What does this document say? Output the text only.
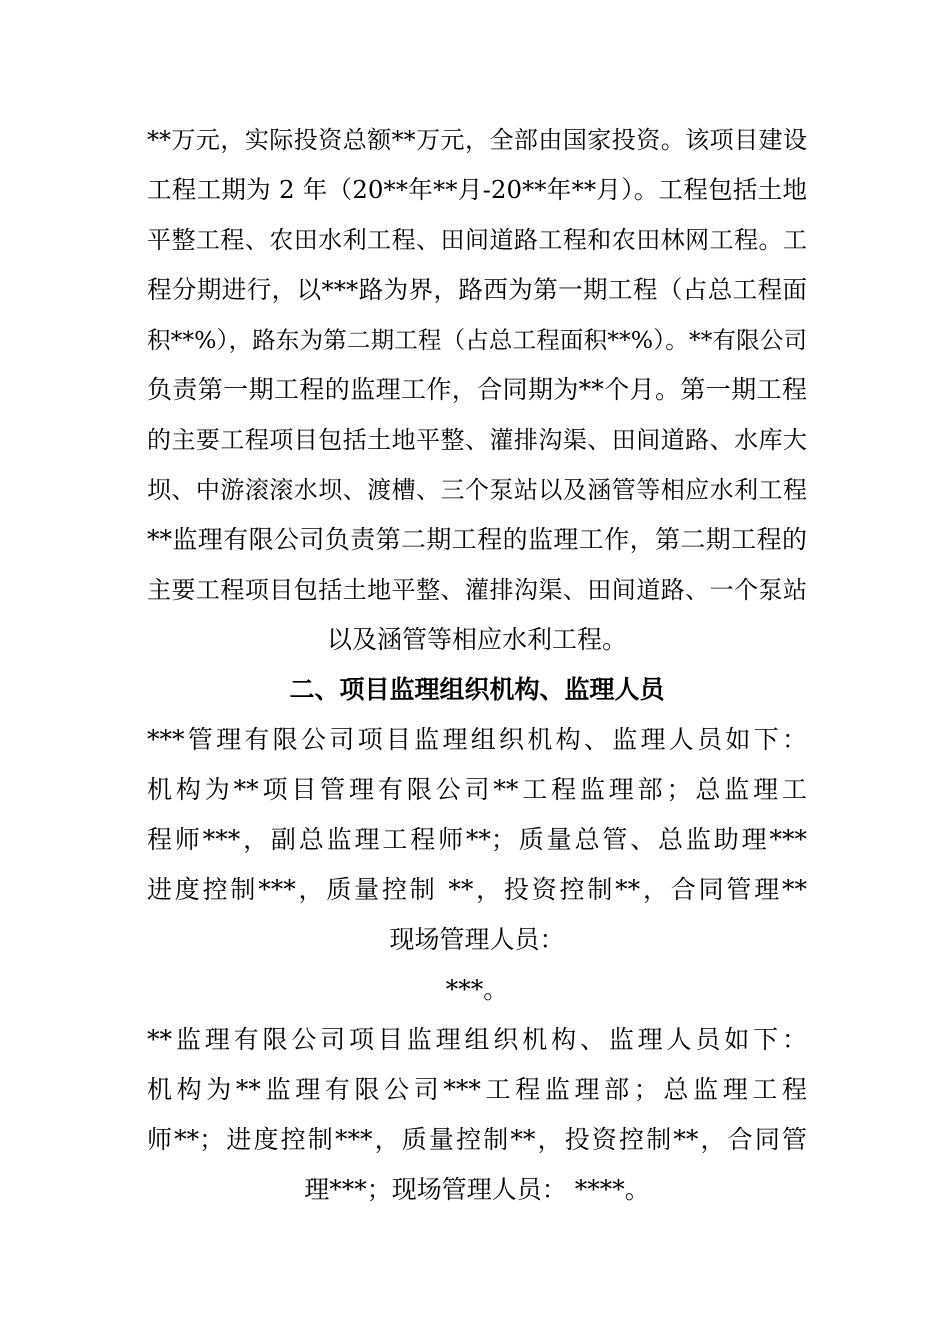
**万元，实际投资总额**万元，全部由国家投资。该项目建设
工程工期为 2 年（20**年**月-20**年**月）。工程包括土地
平整工程、农田水利工程、田间道路工程和农田林网工程。工
程分期进行，以***路为界，路西为第一期工程（占总工程面
积**%），路东为第二期工程（占总工程面积**%）。**有限公司
负责第一期工程的监理工作，合同期为**个月。第一期工程
的主要工程项目包括土地平整、灌排沟渠、田间道路、水库大
坝、中游滚滚水坝、渡槽、三个泵站以及涵管等相应水利工程
**监理有限公司负责第二期工程的监理工作，第二期工程的
主要工程项目包括土地平整、灌排沟渠、田间道路、一个泵站
以及涵管等相应水利工程。
二、项目监理组织机构、监理人员
***管理有限公司项目监理组织机构、监理人员如下：
机构为**项目管理有限公司**工程监理部；总监理工
程师***，副总监理工程师**；质量总管、总监助理***
进度控制***，质量控制 **，投资控制**，合同管理**
现场管理人员：
***。
**监理有限公司项目监理组织机构、监理人员如下：
机构为**监理有限公司***工程监理部；总监理工程
师**；进度控制***，质量控制**，投资控制**，合同管
理***；现场管理人员： ****。
